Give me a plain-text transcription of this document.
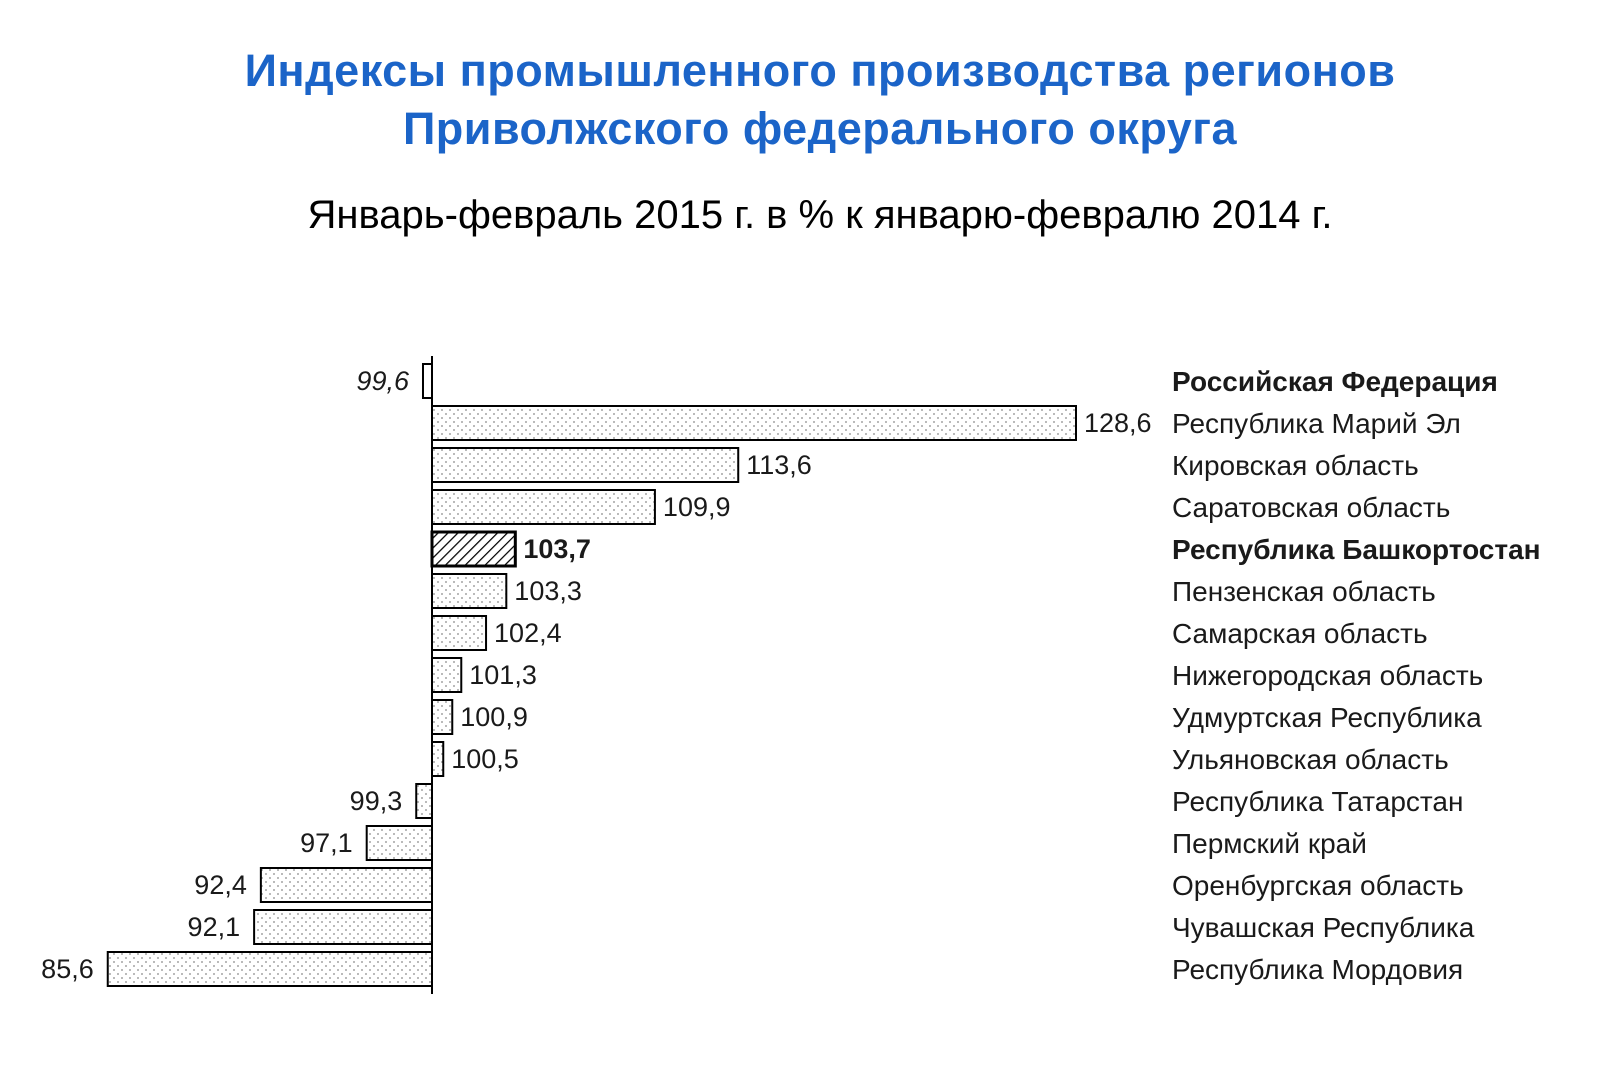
Индексы промышленного производства регионов
Приволжского федерального округа
Январь-февраль 2015 г. в % к январю-февралю 2014 г.
99,6
128,6
113,6
109,9
103,7
103,3
102,4
101,3
100,9
100,5
99,3
97,1
92,4
92,1
85,6
Российская Федерация
Республика Марий Эл
Кировская область
Саратовская область
Республика Башкортостан
Пензенская область
Самарская область
Нижегородская область
Удмуртская Республика
Ульяновская область
Республика Татарстан
Пермский край
Оренбургская область
Чувашская Республика
Республика Мордовия
